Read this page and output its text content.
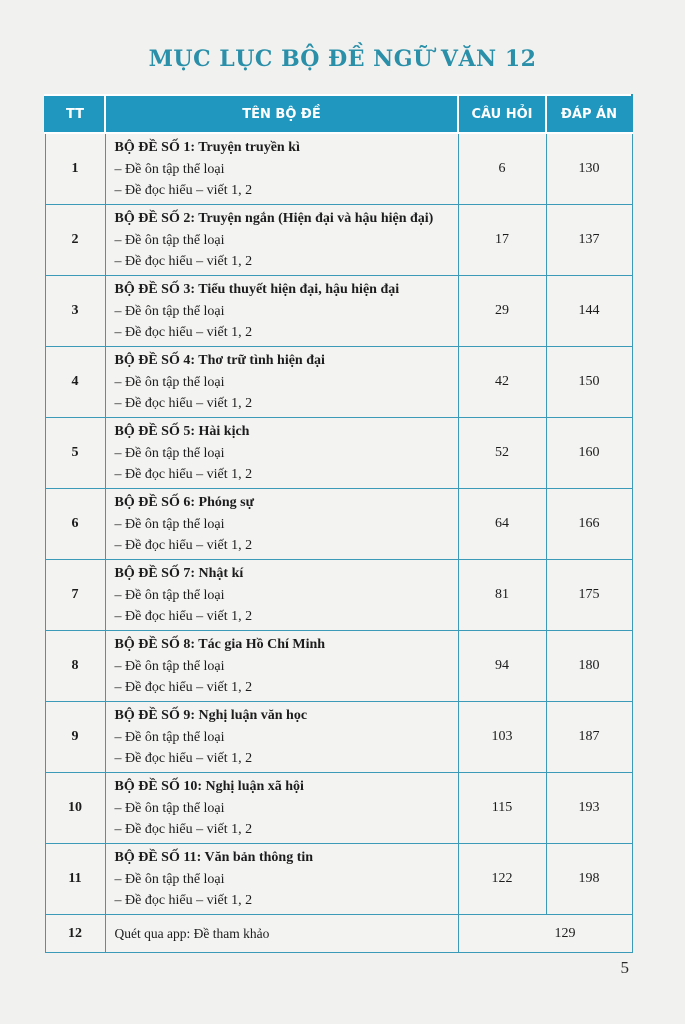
MỤC LỤC BỘ ĐỀ NGỮ VĂN 12
TT	TÊN BỘ ĐỀ	CÂU HỎI	ĐÁP ÁN
1	BỘ ĐỀ SỐ 1: Truyện truyền kì
– Đề ôn tập thể loại
– Đề đọc hiểu – viết 1, 2	6	130
2	BỘ ĐỀ SỐ 2: Truyện ngắn (Hiện đại và hậu hiện đại)
– Đề ôn tập thể loại
– Đề đọc hiểu – viết 1, 2	17	137
3	BỘ ĐỀ SỐ 3: Tiểu thuyết hiện đại, hậu hiện đại
– Đề ôn tập thể loại
– Đề đọc hiểu – viết 1, 2	29	144
4	BỘ ĐỀ SỐ 4: Thơ trữ tình hiện đại
– Đề ôn tập thể loại
– Đề đọc hiểu – viết 1, 2	42	150
5	BỘ ĐỀ SỐ 5: Hài kịch
– Đề ôn tập thể loại
– Đề đọc hiểu – viết 1, 2	52	160
6	BỘ ĐỀ SỐ 6: Phóng sự
– Đề ôn tập thể loại
– Đề đọc hiểu – viết 1, 2	64	166
7	BỘ ĐỀ SỐ 7: Nhật kí
– Đề ôn tập thể loại
– Đề đọc hiểu – viết 1, 2	81	175
8	BỘ ĐỀ SỐ 8: Tác gia Hồ Chí Minh
– Đề ôn tập thể loại
– Đề đọc hiểu – viết 1, 2	94	180
9	BỘ ĐỀ SỐ 9: Nghị luận văn học
– Đề ôn tập thể loại
– Đề đọc hiểu – viết 1, 2	103	187
10	BỘ ĐỀ SỐ 10: Nghị luận xã hội
– Đề ôn tập thể loại
– Đề đọc hiểu – viết 1, 2	115	193
11	BỘ ĐỀ SỐ 11: Văn bản thông tin
– Đề ôn tập thể loại
– Đề đọc hiểu – viết 1, 2	122	198
12	Quét qua app: Đề tham khảo	129	
5
